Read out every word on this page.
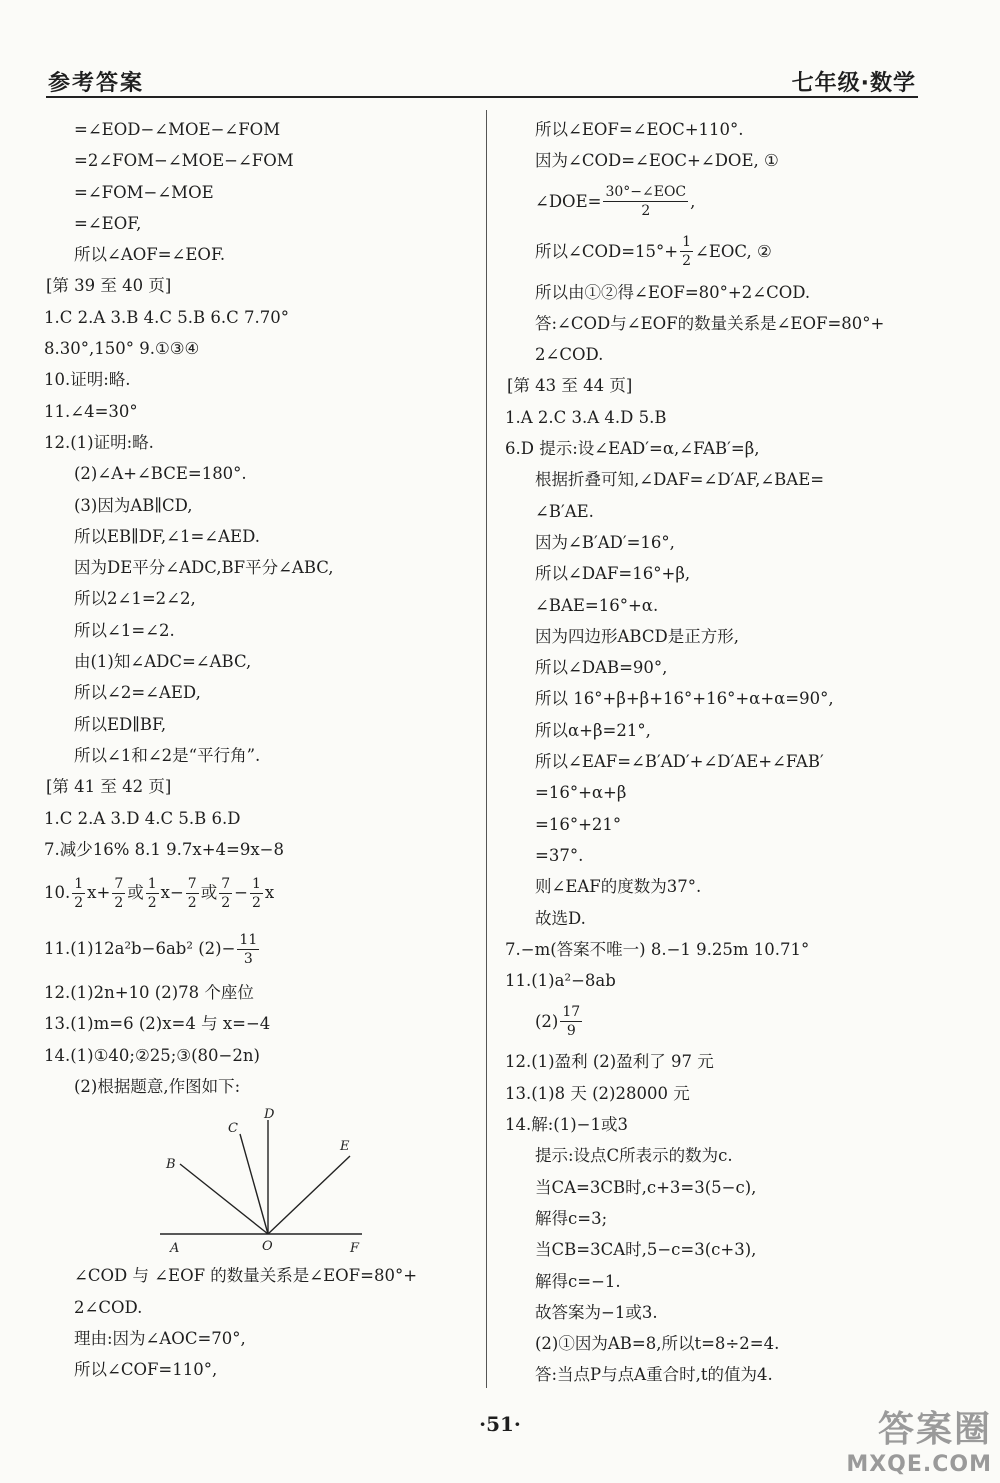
参考答案	七年级·数学
=∠EOD−∠MOE−∠FOM
=2∠FOM−∠MOE−∠FOM
=∠FOM−∠MOE
=∠EOF,
所以∠AOF=∠EOF.
[第 39 至 40 页]
1.C 2.A 3.B 4.C 5.B 6.C 7.70°
8.30°,150° 9.①③④
10.证明:略.
11.∠4=30°
12.(1)证明:略.
(2)∠A+∠BCE=180°.
(3)因为AB∥CD,
所以EB∥DF,∠1=∠AED.
因为DE平分∠ADC,BF平分∠ABC,
所以2∠1=2∠2,
所以∠1=∠2.
由(1)知∠ADC=∠ABC,
所以∠2=∠AED,
所以ED∥BF,
所以∠1和∠2是“平行角”.
[第 41 至 42 页]
1.C 2.A 3.D 4.C 5.B 6.D
7.减少16% 8.1 9.7x+4=9x−8
10. $\frac{1}{2} x+ \frac{7}{2}$ 或 $\frac{1}{2} x- \frac{7}{2}$ 或 $\frac{7}{2} - \frac{1}{2}$ x
11.(1)12a²b−6ab² $(2)- \frac{11}{3}$
12.(1)2n+10 (2)78 个座位
13.(1)m=6 (2)x=4 与 x=−4
14.(1)①40;②25;③(80−2n)
(2)根据题意,作图如下:
A
B
C
D
E
O	F
∠COD 与 ∠EOF 的数量关系是∠EOF=80°+
2∠COD.
理由:因为∠AOC=70°,
所以∠COF=110°,
所以∠EOF=∠EOC+110°.
因为∠COD=∠EOC+∠DOE, ①
∠DOE= $\frac{\text{30°−∠EOC}}{2}$ ,
所以∠COD=15°+ $\frac{1}{2}$ ∠EOC, ②
所以由①②得∠EOF=80°+2∠COD.
答:∠COD与∠EOF的数量关系是∠EOF=80°+
2∠COD.
[第 43 至 44 页]
1.A 2.C 3.A 4.D 5.B
6.D 提示:设∠EAD′=α,∠FAB′=β,
根据折叠可知,∠DAF=∠D′AF,∠BAE=
∠B′AE.
因为∠B′AD′=16°,
所以∠DAF=16°+β,
∠BAE=16°+α.
因为四边形ABCD是正方形,
所以∠DAB=90°,
所以 16°+β+β+16°+16°+α+α=90°,
所以α+β=21°,
所以∠EAF=∠B′AD′+∠D′AE+∠FAB′
=16°+α+β
=16°+21°
=37°.
则∠EAF的度数为37°.
故选D.
7.−m(答案不唯一) 8.−1 9.25m 10.71°
11.(1)a²−8ab
$(2) \frac{17}{9}$
12.(1)盈利 (2)盈利了 97 元
13.(1)8 天 (2)28000 元
14.解:(1)−1或3
提示:设点C所表示的数为c.
当CA=3CB时,c+3=3(5−c),
解得c=3;
当CB=3CA时,5−c=3(c+3),
解得c=−1.
故答案为−1或3.
(2)①因为AB=8,所以t=8÷2=4.
答:当点P与点A重合时,t的值为4.
·51·	答案圈
MXQE.COM
